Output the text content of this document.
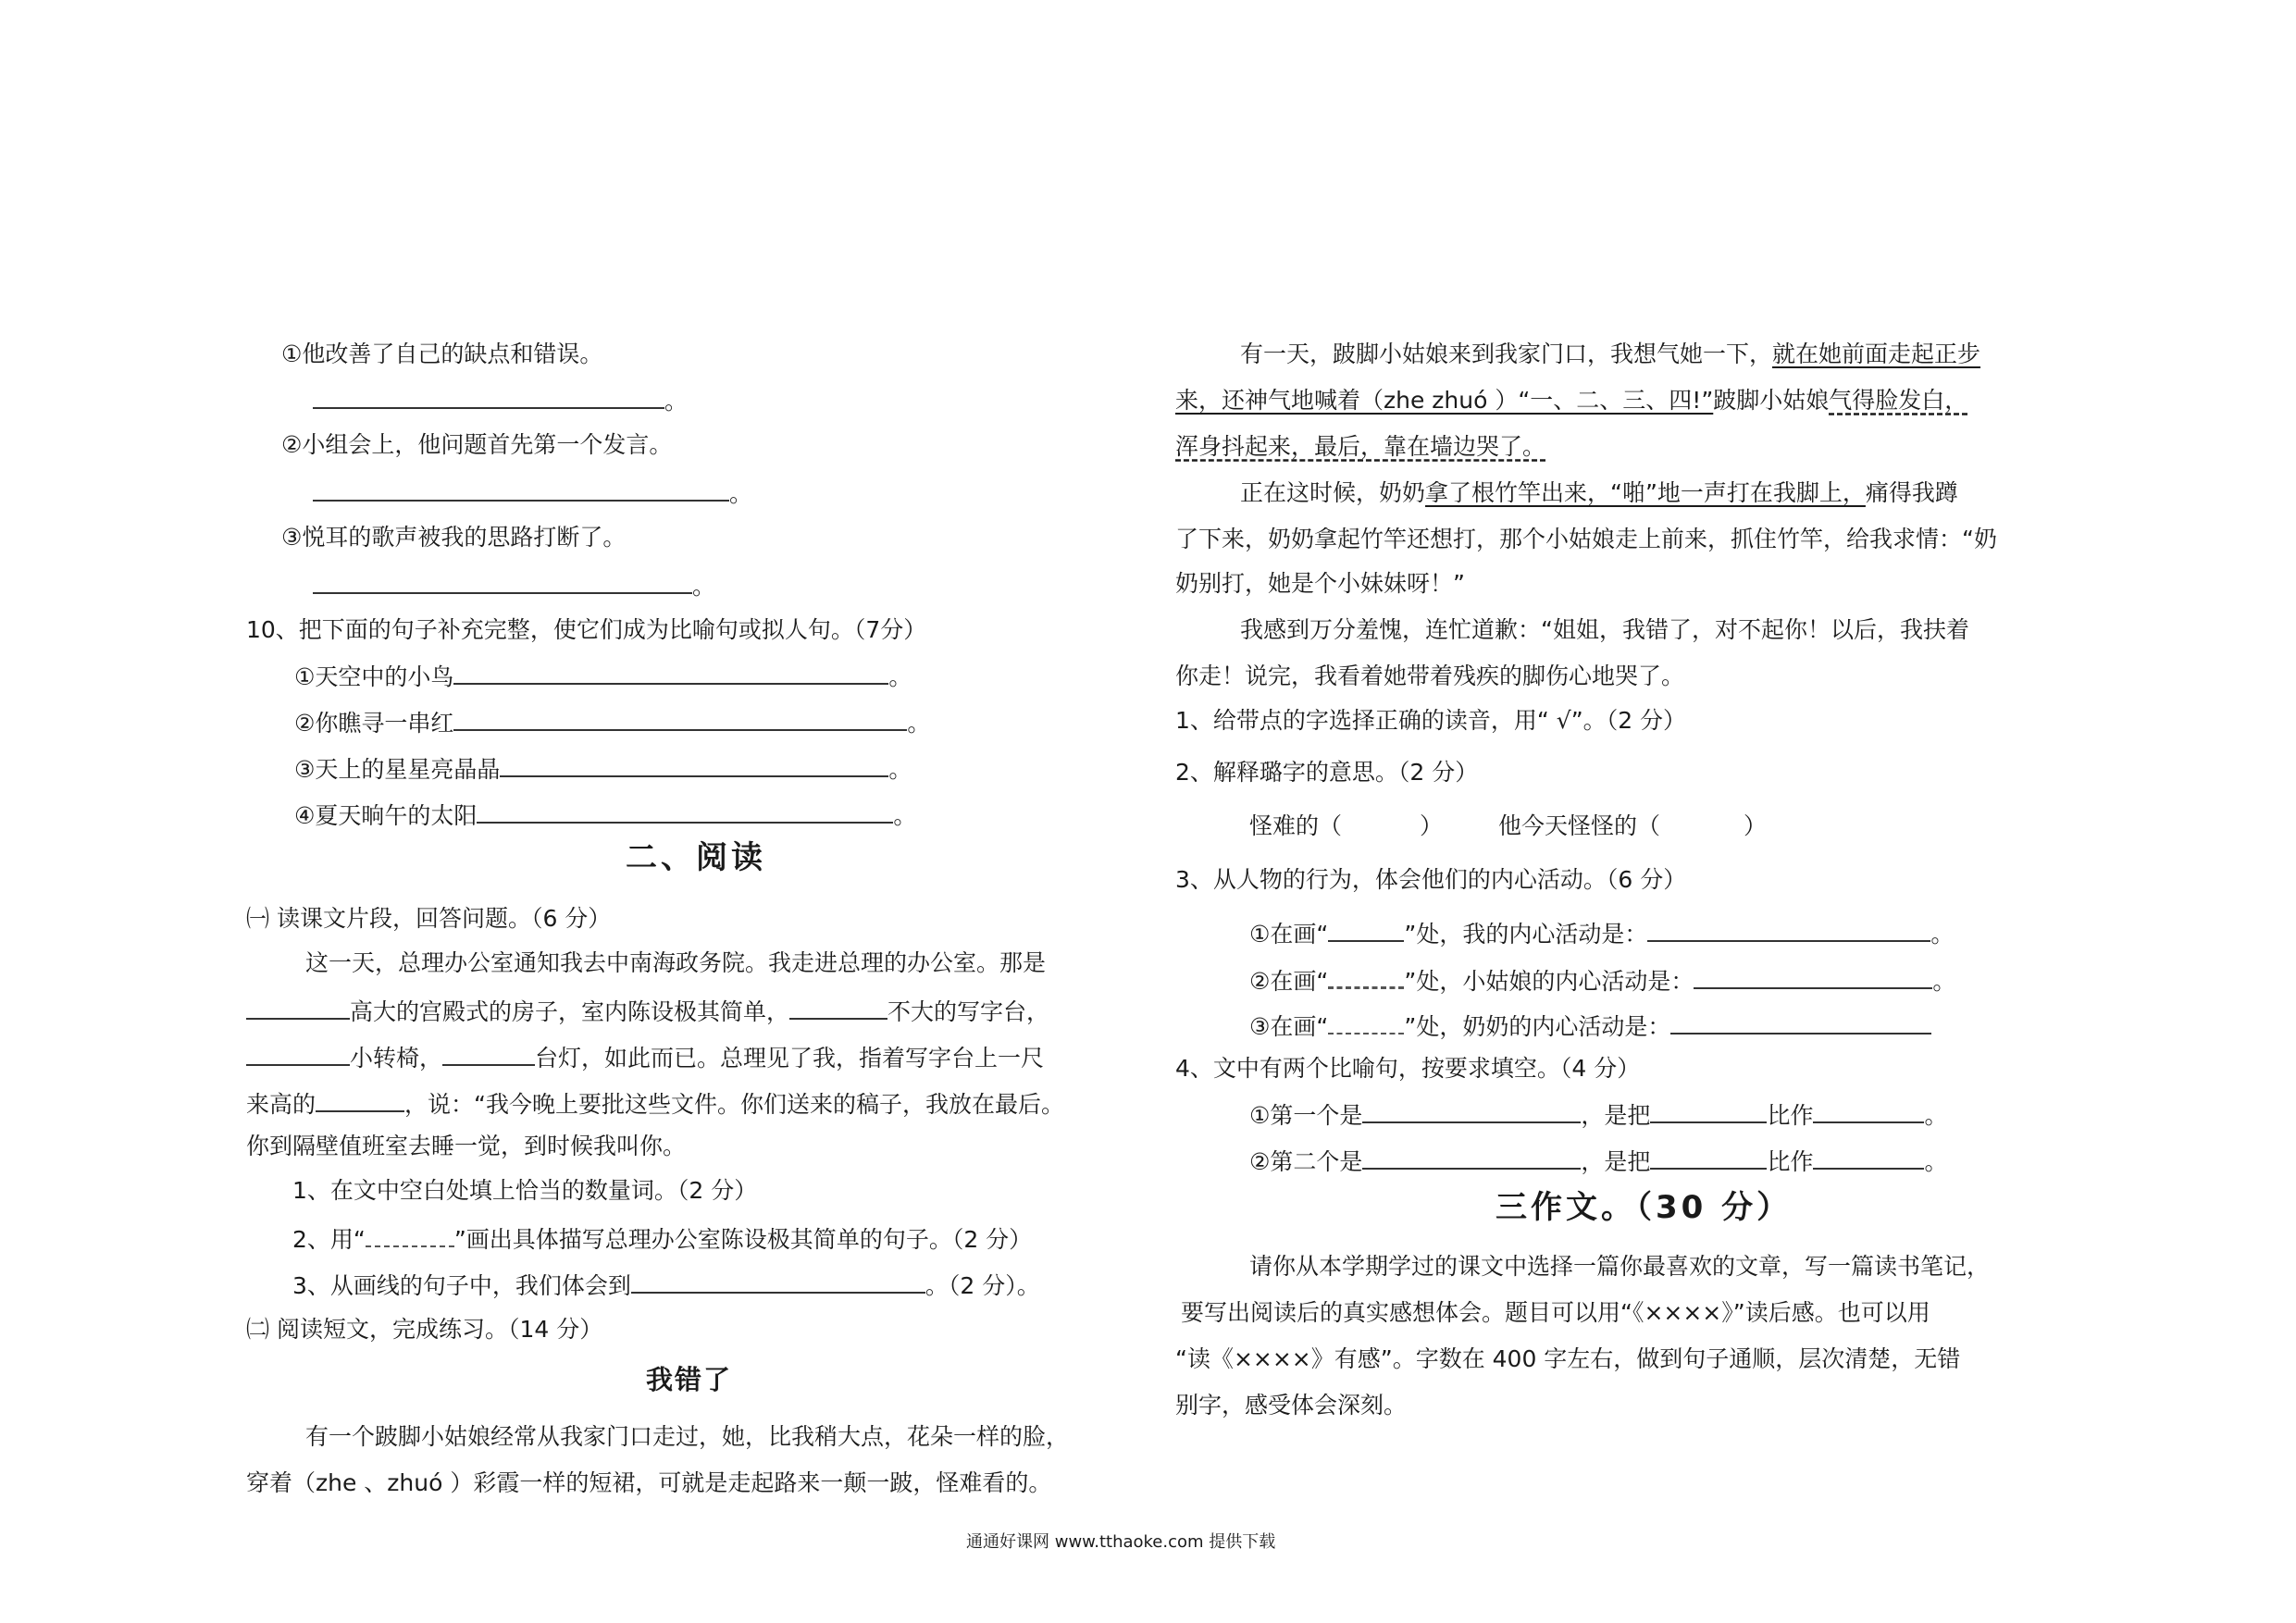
①他改善了自己的缺点和错误。
。
②小组会上，他问题首先第一个发言。
。
③悦耳的歌声被我的思路打断了。
。
10、把下面的句子补充完整，使它们成为比喻句或拟人句。（7分）
①天空中的小鸟	。
②你瞧寻一串红	。
③天上的星星亮晶晶	。
④夏天晌午的太阳	。
二、阅读
㈠ 读课文片段，回答问题。（6 分）
这一天，总理办公室通知我去中南海政务院。我走进总理的办公室。那是
高大的宫殿式的房子，室内陈设极其简单，	不大的写字台，
小转椅，	台灯，如此而已。总理见了我，指着写字台上一尺
来高的	，说：“我今晚上要批这些文件。你们送来的稿子，我放在最后。
你到隔壁值班室去睡一觉，到时候我叫你。
1、在文中空白处填上恰当的数量词。（2 分）
2、用“	”画出具体描写总理办公室陈设极其简单的句子。（2 分）
3、从画线的句子中，我们体会到	。（2 分）。
㈡ 阅读短文，完成练习。（14 分）
我错了
有一个跛脚小姑娘经常从我家门口走过，她，比我稍大点，花朵一样的脸，
穿着（zhe 、zhuó ）彩霞一样的短裙，可就是走起路来一颠一跛，怪难看的。
有一天，跛脚小姑娘来到我家门口，我想气她一下，就在她前面走起正步
来，还神气地喊着（zhe zhuó ）“一、二、三、四!”跛脚小姑娘气得脸发白，
浑身抖起来，最后，靠在墙边哭了。
正在这时候，奶奶拿了根竹竿出来，“啪”地一声打在我脚上，痛得我蹲
了下来，奶奶拿起竹竿还想打，那个小姑娘走上前来，抓住竹竿，给我求情：“奶
奶别打，她是个小妹妹呀！”
我感到万分羞愧，连忙道歉：“姐姐，我错了，对不起你！以后，我扶着
你走！说完，我看着她带着残疾的脚伤心地哭了。
1、给带点的字选择正确的读音，用“ √”。（2 分）
2、解释璐字的意思。（2 分）
怪难的（	） 他今天怪怪的（	）
3、从人物的行为，体会他们的内心活动。（6 分）
①在画“	”处，我的内心活动是：	。
②在画“	”处，小姑娘的内心活动是：	。
③在画“	”处，奶奶的内心活动是：
4、文中有两个比喻句，按要求填空。（4 分）
①第一个是	，是把	比作	。
②第二个是	，是把	比作	。
三作文。（30 分）
请你从本学期学过的课文中选择一篇你最喜欢的文章，写一篇读书笔记，
要写出阅读后的真实感想体会。题目可以用“《××××》”读后感。也可以用
“读《××××》有感”。字数在 400 字左右，做到句子通顺，层次清楚，无错
别字，感受体会深刻。
通通好课网 www.tthaoke.com 提供下载
